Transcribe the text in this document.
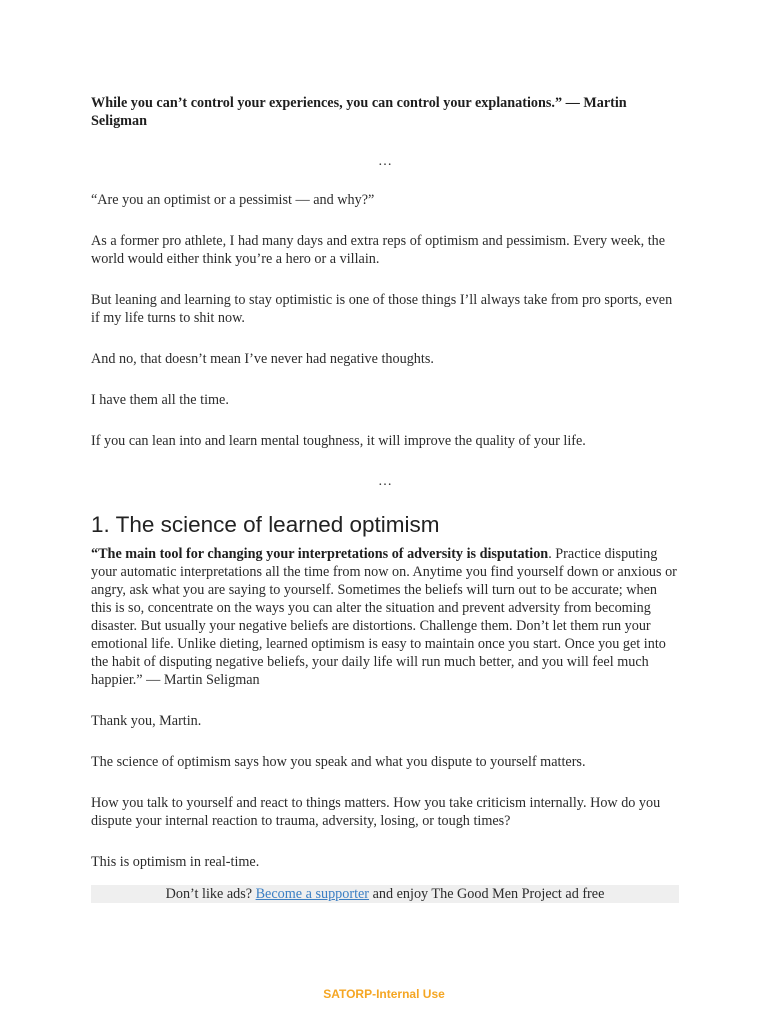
While you can’t control your experiences, you can control your explanations.” — Martin Seligman

…

“Are you an optimist or a pessimist — and why?”

As a former pro athlete, I had many days and extra reps of optimism and pessimism. Every week, the world would either think you’re a hero or a villain.

But leaning and learning to stay optimistic is one of those things I’ll always take from pro sports, even if my life turns to shit now.

And no, that doesn’t mean I’ve never had negative thoughts.

I have them all the time.

If you can lean into and learn mental toughness, it will improve the quality of your life.

…
1. The science of learned optimism

“The main tool for changing your interpretations of adversity is disputation. Practice disputing your automatic interpretations all the time from now on. Anytime you find yourself down or anxious or angry, ask what you are saying to yourself. Sometimes the beliefs will turn out to be accurate; when this is so, concentrate on the ways you can alter the situation and prevent adversity from becoming disaster. But usually your negative beliefs are distortions. Challenge them. Don’t let them run your emotional life. Unlike dieting, learned optimism is easy to maintain once you start. Once you get into the habit of disputing negative beliefs, your daily life will run much better, and you will feel much happier.” — Martin Seligman

Thank you, Martin.

The science of optimism says how you speak and what you dispute to yourself matters.

How you talk to yourself and react to things matters. How you take criticism internally. How do you dispute your internal reaction to trauma, adversity, losing, or tough times?

This is optimism in real-time.

Don’t like ads? Become a supporter and enjoy The Good Men Project ad free
SATORP-Internal Use
